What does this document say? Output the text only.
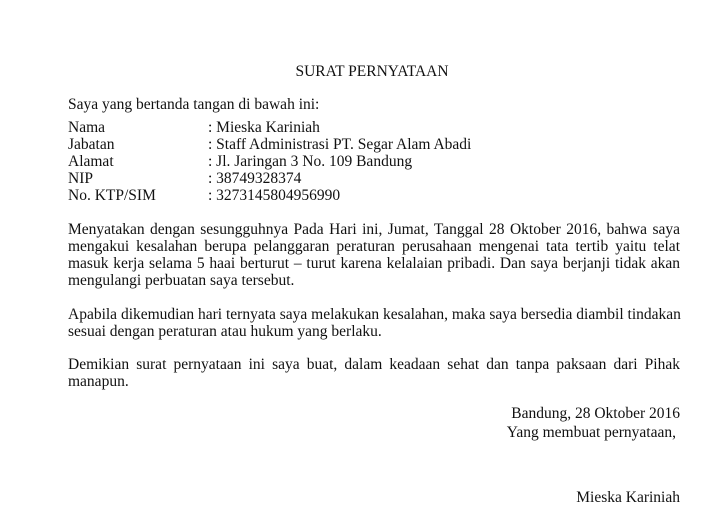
SURAT PERNYATAAN
Saya yang bertanda tangan di bawah ini:
Nama	: Mieska Kariniah
Jabatan	: Staff Administrasi PT. Segar Alam Abadi
Alamat	: Jl. Jaringan 3 No. 109 Bandung
NIP	: 38749328374
No. KTP/SIM	: 3273145804956990
Menyatakan dengan sesungguhnya Pada Hari ini, Jumat, Tanggal 28 Oktober 2016, bahwa saya
mengakui kesalahan berupa pelanggaran peraturan perusahaan mengenai tata tertib yaitu telat
masuk kerja selama 5 haai berturut – turut karena kelalaian pribadi. Dan saya berjanji tidak akan
mengulangi perbuatan saya tersebut.
Apabila dikemudian hari ternyata saya melakukan kesalahan, maka saya bersedia diambil tindakan
sesuai dengan peraturan atau hukum yang berlaku.
Demikian surat pernyataan ini saya buat, dalam keadaan sehat dan tanpa paksaan dari Pihak
manapun.
Bandung, 28 Oktober 2016
Yang membuat pernyataan,
Mieska Kariniah
